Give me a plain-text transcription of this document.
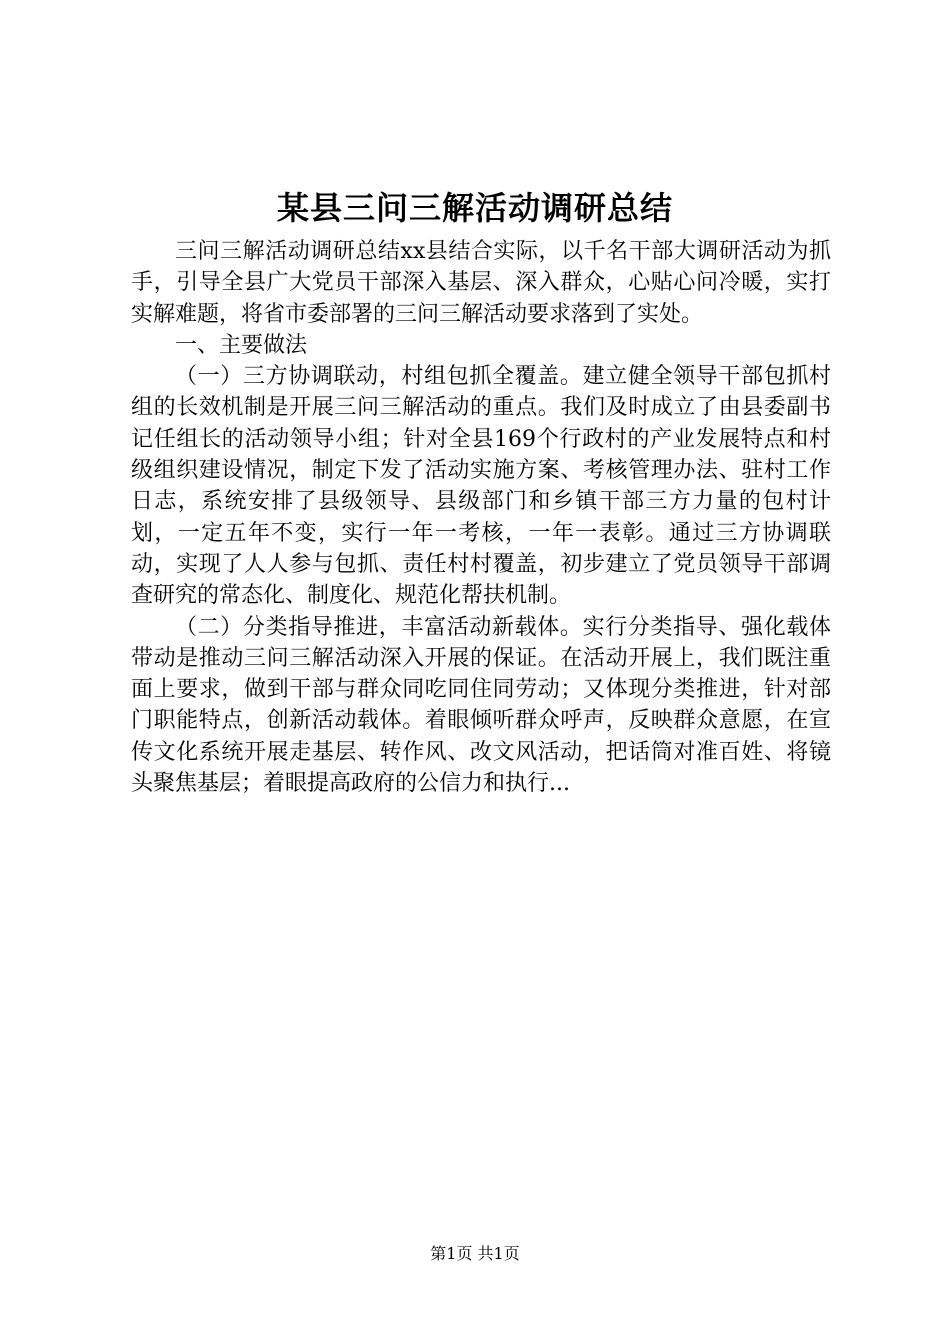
某县三问三解活动调研总结

三问三解活动调研总结xx县结合实际，以千名干部大调研活动为抓手，引导全县广大党员干部深入基层、深入群众，心贴心问冷暖，实打实解难题，将省市委部署的三问三解活动要求落到了实处。

一、主要做法

（一）三方协调联动，村组包抓全覆盖。建立健全领导干部包抓村组的长效机制是开展三问三解活动的重点。我们及时成立了由县委副书记任组长的活动领导小组；针对全县169个行政村的产业发展特点和村级组织建设情况，制定下发了活动实施方案、考核管理办法、驻村工作日志，系统安排了县级领导、县级部门和乡镇干部三方力量的包村计划，一定五年不变，实行一年一考核，一年一表彰。通过三方协调联动，实现了人人参与包抓、责任村村覆盖，初步建立了党员领导干部调查研究的常态化、制度化、规范化帮扶机制。

（二）分类指导推进，丰富活动新载体。实行分类指导、强化载体带动是推动三问三解活动深入开展的保证。在活动开展上，我们既注重面上要求，做到干部与群众同吃同住同劳动；又体现分类推进，针对部门职能特点，创新活动载体。着眼倾听群众呼声，反映群众意愿，在宣传文化系统开展走基层、转作风、改文风活动，把话筒对准百姓、将镜头聚焦基层；着眼提高政府的公信力和执行...

第1页 共1页
